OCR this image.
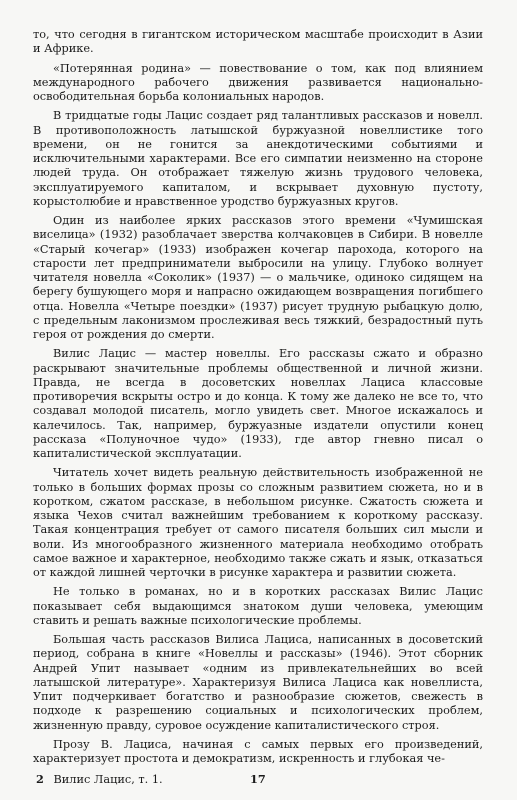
то, что сегодня в гигантском историческом масштабе происходит в Азии и Африке.

«Потерянная родина» — повествование о том, как под влиянием международного рабочего движения развивается национально-освободительная борьба колониальных народов.

В тридцатые годы Лацис создает ряд талантливых рассказов и новелл. В противоположность латышской буржуазной новеллистике того времени, он не гонится за анекдотическими событиями и исключительными характерами. Все его симпатии неизменно на стороне людей труда. Он отображает тяжелую жизнь трудового человека, эксплуатируемого капиталом, и вскрывает духовную пустоту, корыстолюбие и нравственное уродство буржуазных кругов.

Один из наиболее ярких рассказов этого времени «Чумишская виселица» (1932) разоблачает зверства колчаковцев в Сибири. В новелле «Старый кочегар» (1933) изображен кочегар парохода, которого на старости лет предприниматели выбросили на улицу. Глубоко волнует читателя новелла «Соколик» (1937) — о мальчике, одиноко сидящем на берегу бушующего моря и напрасно ожидающем возвращения погибшего отца. Новелла «Четыре поездки» (1937) рисует трудную рыбацкую долю, с предельным лаконизмом прослеживая весь тяжкий, безрадостный путь героя от рождения до смерти.

Вилис Лацис — мастер новеллы. Его рассказы сжато и образно раскрывают значительные проблемы общественной и личной жизни. Правда, не всегда в досоветских новеллах Лациса классовые противоречия вскрыты остро и до конца. К тому же далеко не все то, что создавал молодой писатель, могло увидеть свет. Многое искажалось и калечилось. Так, например, буржуазные издатели опустили конец рассказа «Полуночное чудо» (1933), где автор гневно писал о капиталистической эксплуатации.

Читатель хочет видеть реальную действительность изображенной не только в больших формах прозы со сложным развитием сюжета, но и в коротком, сжатом рассказе, в небольшом рисунке. Сжатость сюжета и языка Чехов считал важнейшим требованием к короткому рассказу. Такая концентрация требует от самого писателя больших сил мысли и воли. Из многообразного жизненного материала необходимо отобрать самое важное и характерное, необходимо также сжать и язык, отказаться от каждой лишней черточки в рисунке характера и развитии сюжета.

Не только в романах, но и в коротких рассказах Вилис Лацис показывает себя выдающимся знатоком души человека, умеющим ставить и решать важные психологические проблемы.

Большая часть рассказов Вилиса Лациса, написанных в досоветский период, собрана в книге «Новеллы и рассказы» (1946). Этот сборник Андрей Упит называет «одним из привлекательнейших во всей латышской литературе». Характеризуя Вилиса Лациса как новеллиста, Упит подчеркивает богатство и разнообразие сюжетов, свежесть в подходе к разрешению социальных и психологических проблем, жизненную правду, суровое осуждение капиталистического строя.

Прозу В. Лациса, начиная с самых первых его произведений, характеризует простота и демократизм, искренность и глубокая че-

2 Вилис Лацис, т. 1.	17
